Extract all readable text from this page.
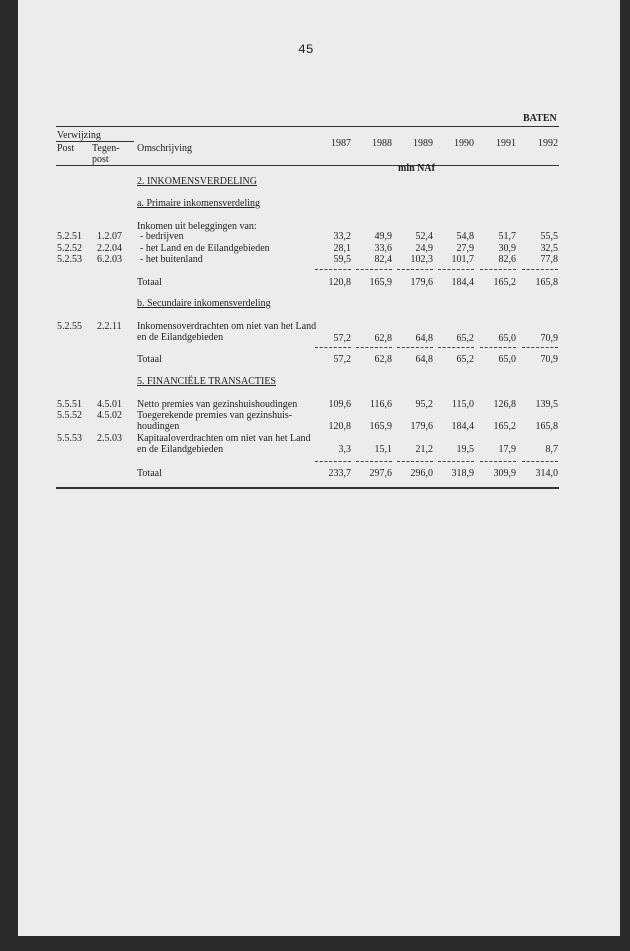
45
BATEN
Verwijzing
Post Tegen-
post
Omschrijving	1987	1988	1989	1990	1991	1992
mln NAf
2. INKOMENSVERDELING
a. Primaire inkomensverdeling
Inkomen uit beleggingen van:
b. Secundaire inkomensverdeling
5. FINANCIËLE TRANSACTIES
5.2.51 1.2.07 - bedrijven	33,2	49,9	52,4	54,8	51,7	55,5
5.2.52 2.2.04 - het Land en de Eilandgebieden	28,1	33,6	24,9	27,9	30,9	32,5
5.2.53 6.2.03 - het buitenland	59,5	82,4	102,3	101,7	82,6	77,8
Totaal	120,8	165,9	179,6	184,4	165,2	165,8
5.2.55 2.2.11 Inkomensoverdrachten om niet van het Land
en de Eilandgebieden	57,2	62,8	64,8	65,2	65,0	70,9
Totaal	57,2	62,8	64,8	65,2	65,0	70,9
5.5.51 4.5.01 Netto premies van gezinshuishoudingen	109,6	116,6	95,2	115,0	126,8	139,5
5.5.52 4.5.02 Toegerekende premies van gezinshuis-
houdingen	120,8	165,9	179,6	184,4	165,2	165,8
5.5.53 2.5.03 Kapitaaloverdrachten om niet van het Land
en de Eilandgebieden	3,3	15,1	21,2	19,5	17,9	8,7
Totaal	233,7	297,6	296,0	318,9	309,9	314,0
